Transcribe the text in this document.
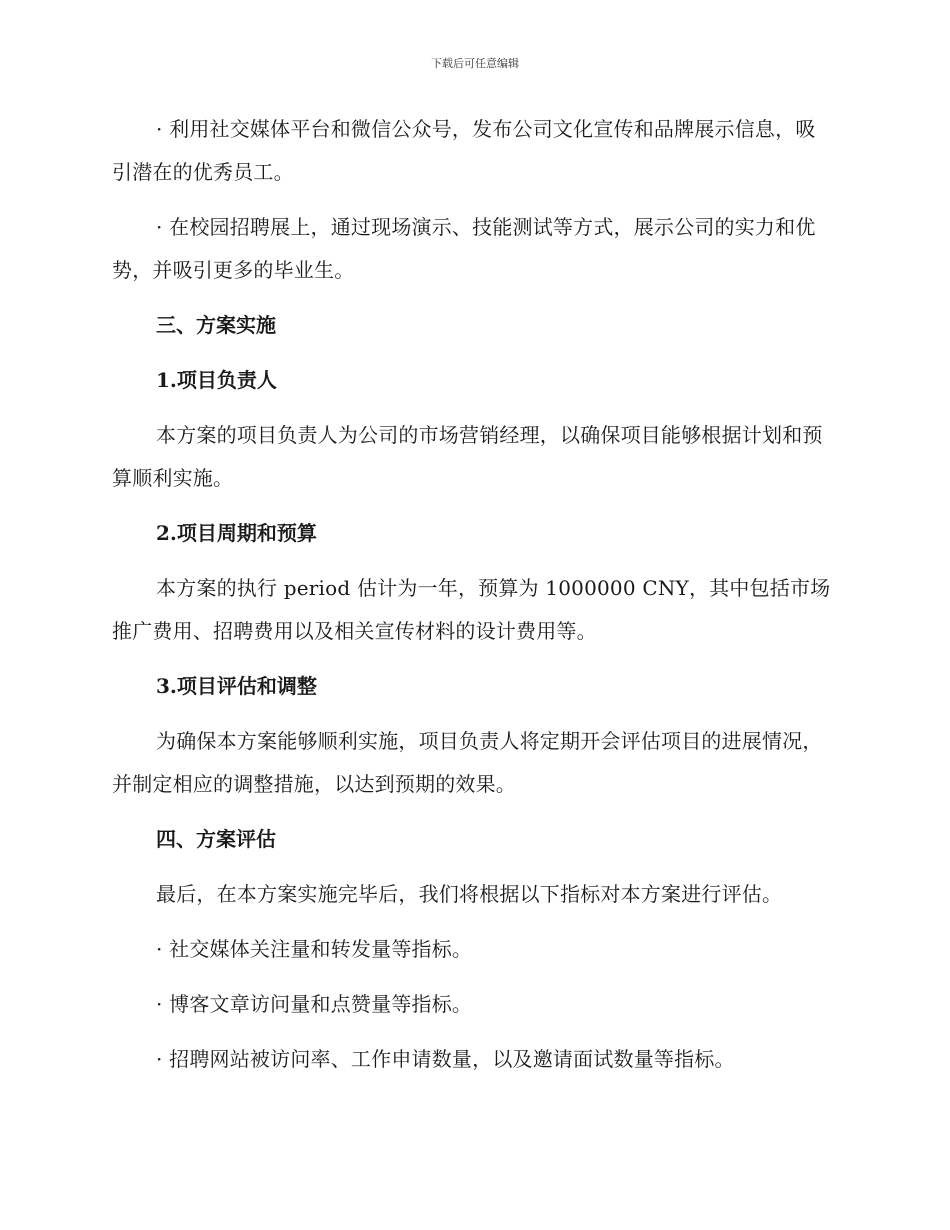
下载后可任意编辑

· 利用社交媒体平台和微信公众号，发布公司文化宣传和品牌展示信息，吸引潜在的优秀员工。

· 在校园招聘展上，通过现场演示、技能测试等方式，展示公司的实力和优势，并吸引更多的毕业生。

三、方案实施

1.项目负责人

本方案的项目负责人为公司的市场营销经理，以确保项目能够根据计划和预算顺利实施。

2.项目周期和预算

本方案的执行 period 估计为一年，预算为 1000000 CNY，其中包括市场推广费用、招聘费用以及相关宣传材料的设计费用等。

3.项目评估和调整

为确保本方案能够顺利实施，项目负责人将定期开会评估项目的进展情况，并制定相应的调整措施，以达到预期的效果。

四、方案评估

最后，在本方案实施完毕后，我们将根据以下指标对本方案进行评估。

· 社交媒体关注量和转发量等指标。

· 博客文章访问量和点赞量等指标。

· 招聘网站被访问率、工作申请数量，以及邀请面试数量等指标。
